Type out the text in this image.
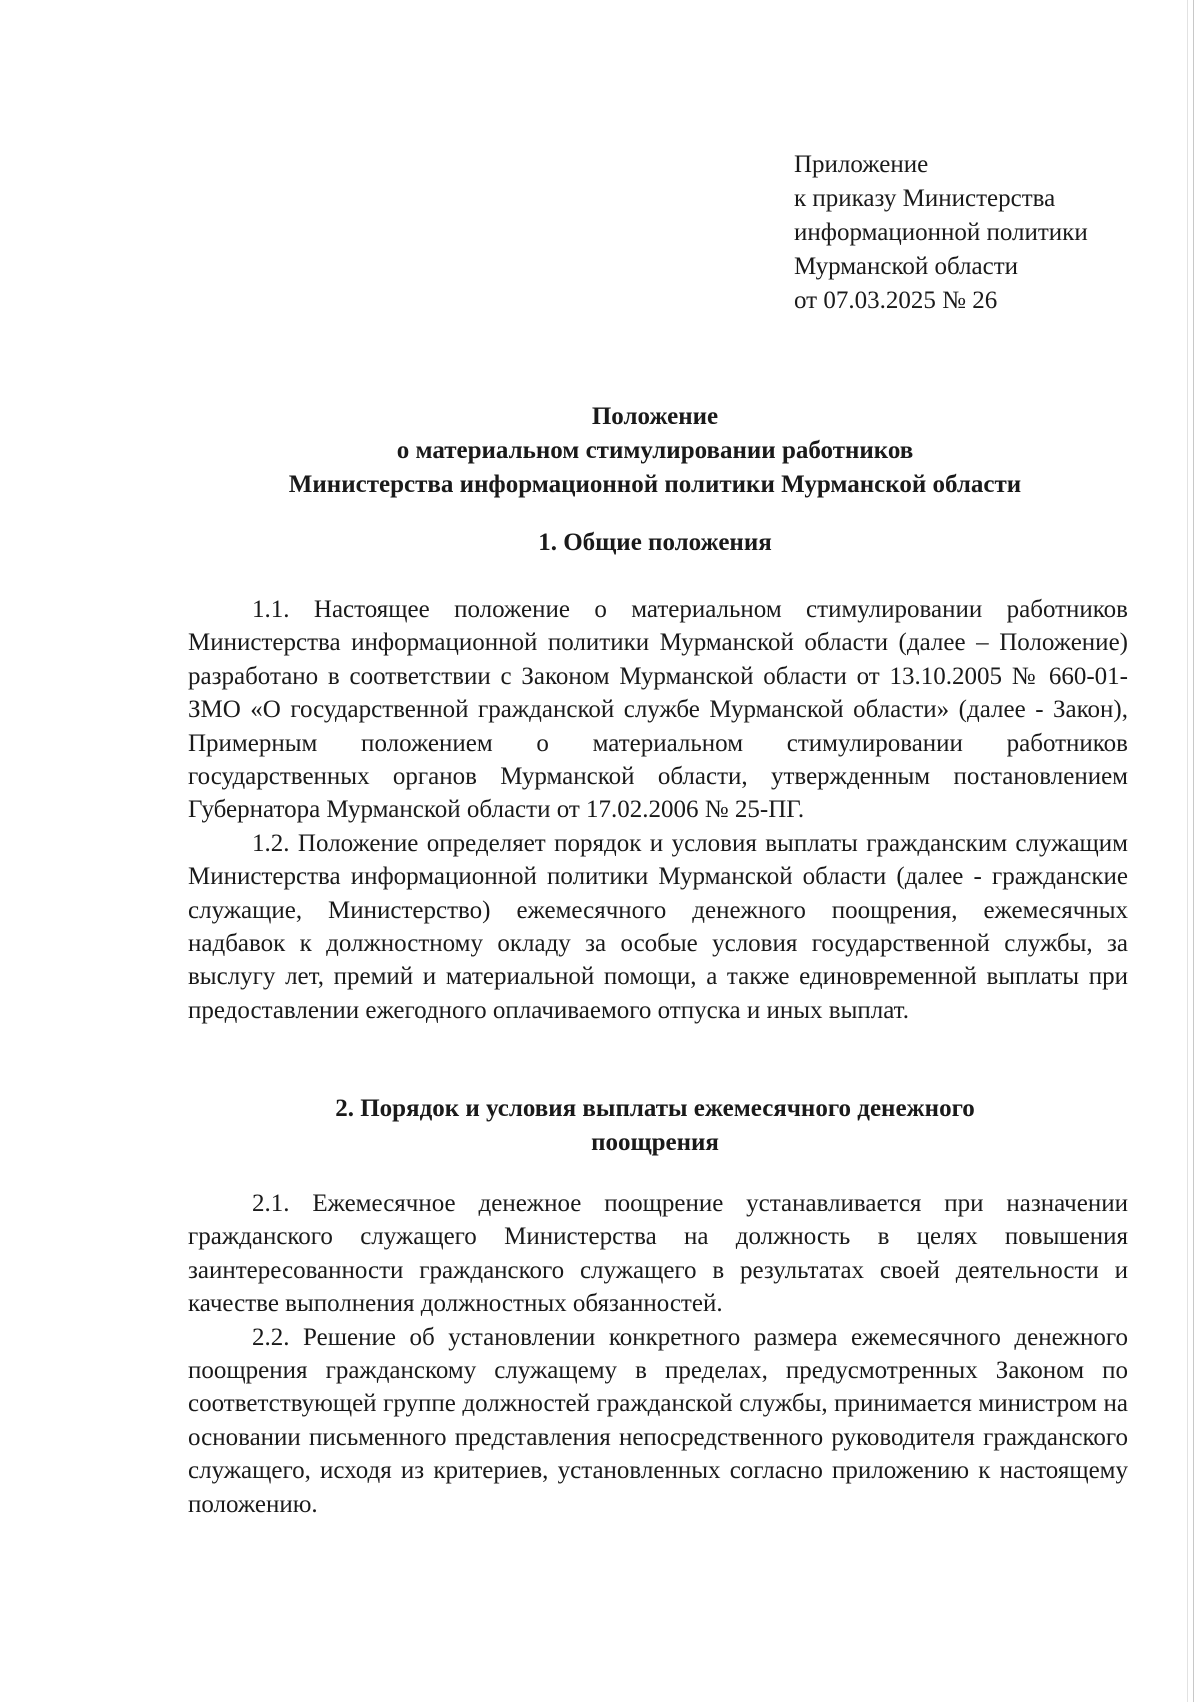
Приложение
к приказу Министерства
информационной политики
Мурманской области
от 07.03.2025 № 26
Положение
о материальном стимулировании работников
Министерства информационной политики Мурманской области
1. Общие положения

1.1. Настоящее положение о материальном стимулировании работников Министерства информационной политики Мурманской области (далее – Положение) разработано в соответствии с Законом Мурманской области от 13.10.2005 № 660-01-ЗМО «О государственной гражданской службе Мурманской области» (далее - Закон), Примерным положением о материальном стимулировании работников государственных органов Мурманской области, утвержденным постановлением Губернатора Мурманской области от 17.02.2006 № 25-ПГ.

1.2. Положение определяет порядок и условия выплаты гражданским служащим Министерства информационной политики Мурманской области (далее - гражданские служащие, Министерство) ежемесячного денежного поощрения, ежемесячных надбавок к должностному окладу за особые условия государственной службы, за выслугу лет, премий и материальной помощи, а также единовременной выплаты при предоставлении ежегодного оплачиваемого отпуска и иных выплат.

2. Порядок и условия выплаты ежемесячного денежного
поощрения

2.1. Ежемесячное денежное поощрение устанавливается при назначении гражданского служащего Министерства на должность в целях повышения заинтересованности гражданского служащего в результатах своей деятельности и качестве выполнения должностных обязанностей.

2.2. Решение об установлении конкретного размера ежемесячного денежного поощрения гражданскому служащему в пределах, предусмотренных Законом по соответствующей группе должностей гражданской службы, принимается министром на основании письменного представления непосредственного руководителя гражданского служащего, исходя из критериев, установленных согласно приложению к настоящему положению.
